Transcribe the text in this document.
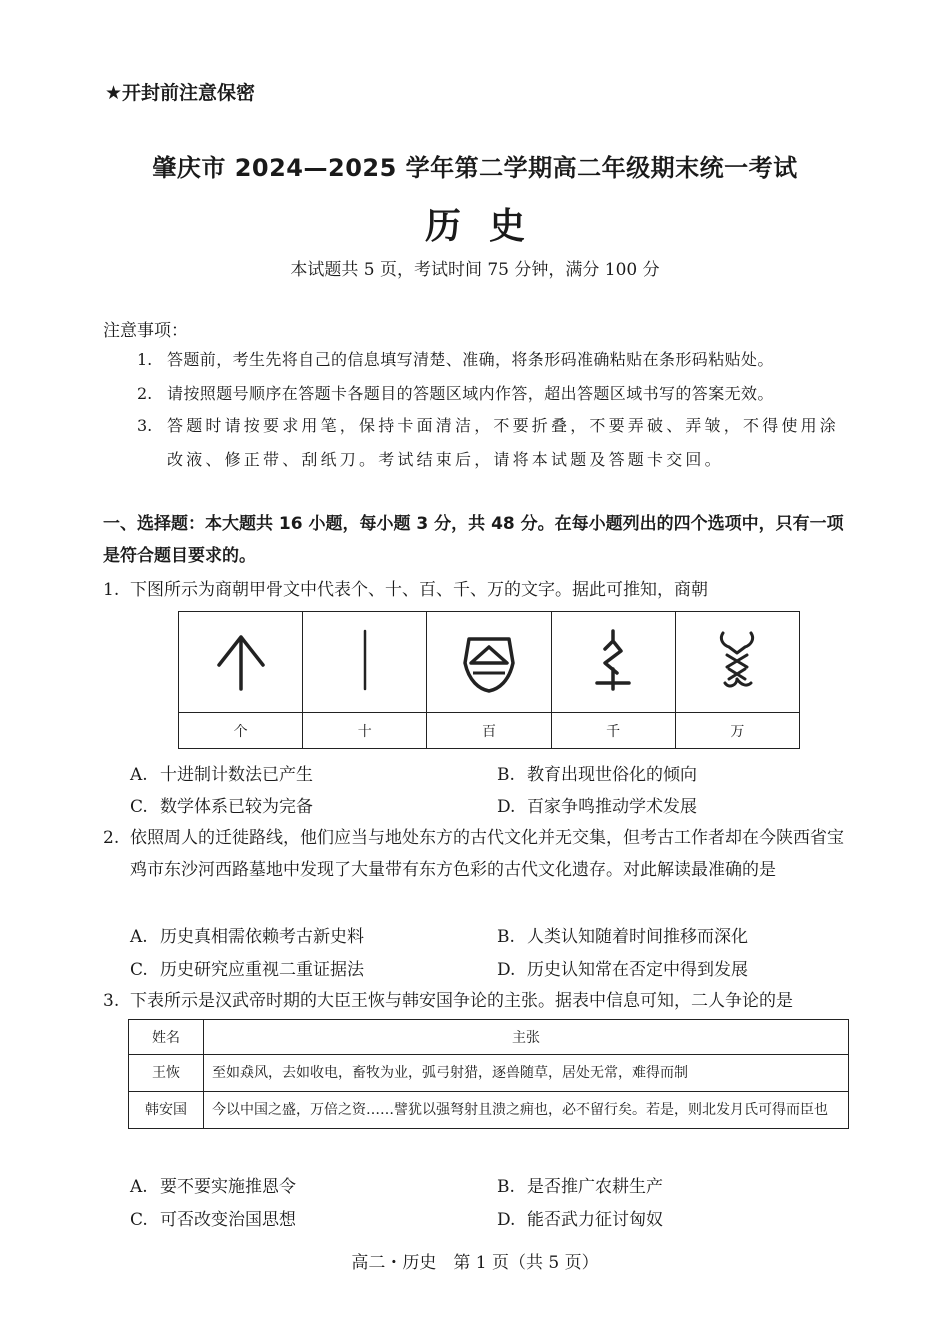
★开封前注意保密
肇庆市 2024—2025 学年第二学期高二年级期末统一考试
历史
本试题共 5 页，考试时间 75 分钟，满分 100 分
注意事项：
1. 答题前，考生先将自己的信息填写清楚、准确，将条形码准确粘贴在条形码粘贴处。
2. 请按照题号顺序在答题卡各题目的答题区域内作答，超出答题区域书写的答案无效。
3. 答题时请按要求用笔，保持卡面清洁，不要折叠，不要弄破、弄皱，不得使用涂改液、修正带、刮纸刀。考试结束后，请将本试题及答题卡交回。
一、选择题：本大题共 16 小题，每小题 3 分，共 48 分。在每小题列出的四个选项中，只有一项是符合题目要求的。
1. 下图所示为商朝甲骨文中代表个、十、百、千、万的文字。据此可推知，商朝

个	十	百	千	万
A. 十进制计数法已产生	B. 教育出现世俗化的倾向
C. 数学体系已较为完备	D. 百家争鸣推动学术发展
2. 依照周人的迁徙路线，他们应当与地处东方的古代文化并无交集，但考古工作者却在今陕西省宝鸡市东沙河西路墓地中发现了大量带有东方色彩的古代文化遗存。对此解读最准确的是
A. 历史真相需依赖考古新史料	B. 人类认知随着时间推移而深化
C. 历史研究应重视二重证据法	D. 历史认知常在否定中得到发展
3. 下表所示是汉武帝时期的大臣王恢与韩安国争论的主张。据表中信息可知，二人争论的是
姓名	主张
王恢	至如猋风，去如收电，畜牧为业，弧弓射猎，逐兽随草，居处无常，难得而制
韩安国	今以中国之盛，万倍之资……譬犹以强弩射且溃之痈也，必不留行矣。若是，则北发月氏可得而臣也
A. 要不要实施推恩令	B. 是否推广农耕生产
C. 可否改变治国思想	D. 能否武力征讨匈奴
高二・历史　第 1 页（共 5 页）
